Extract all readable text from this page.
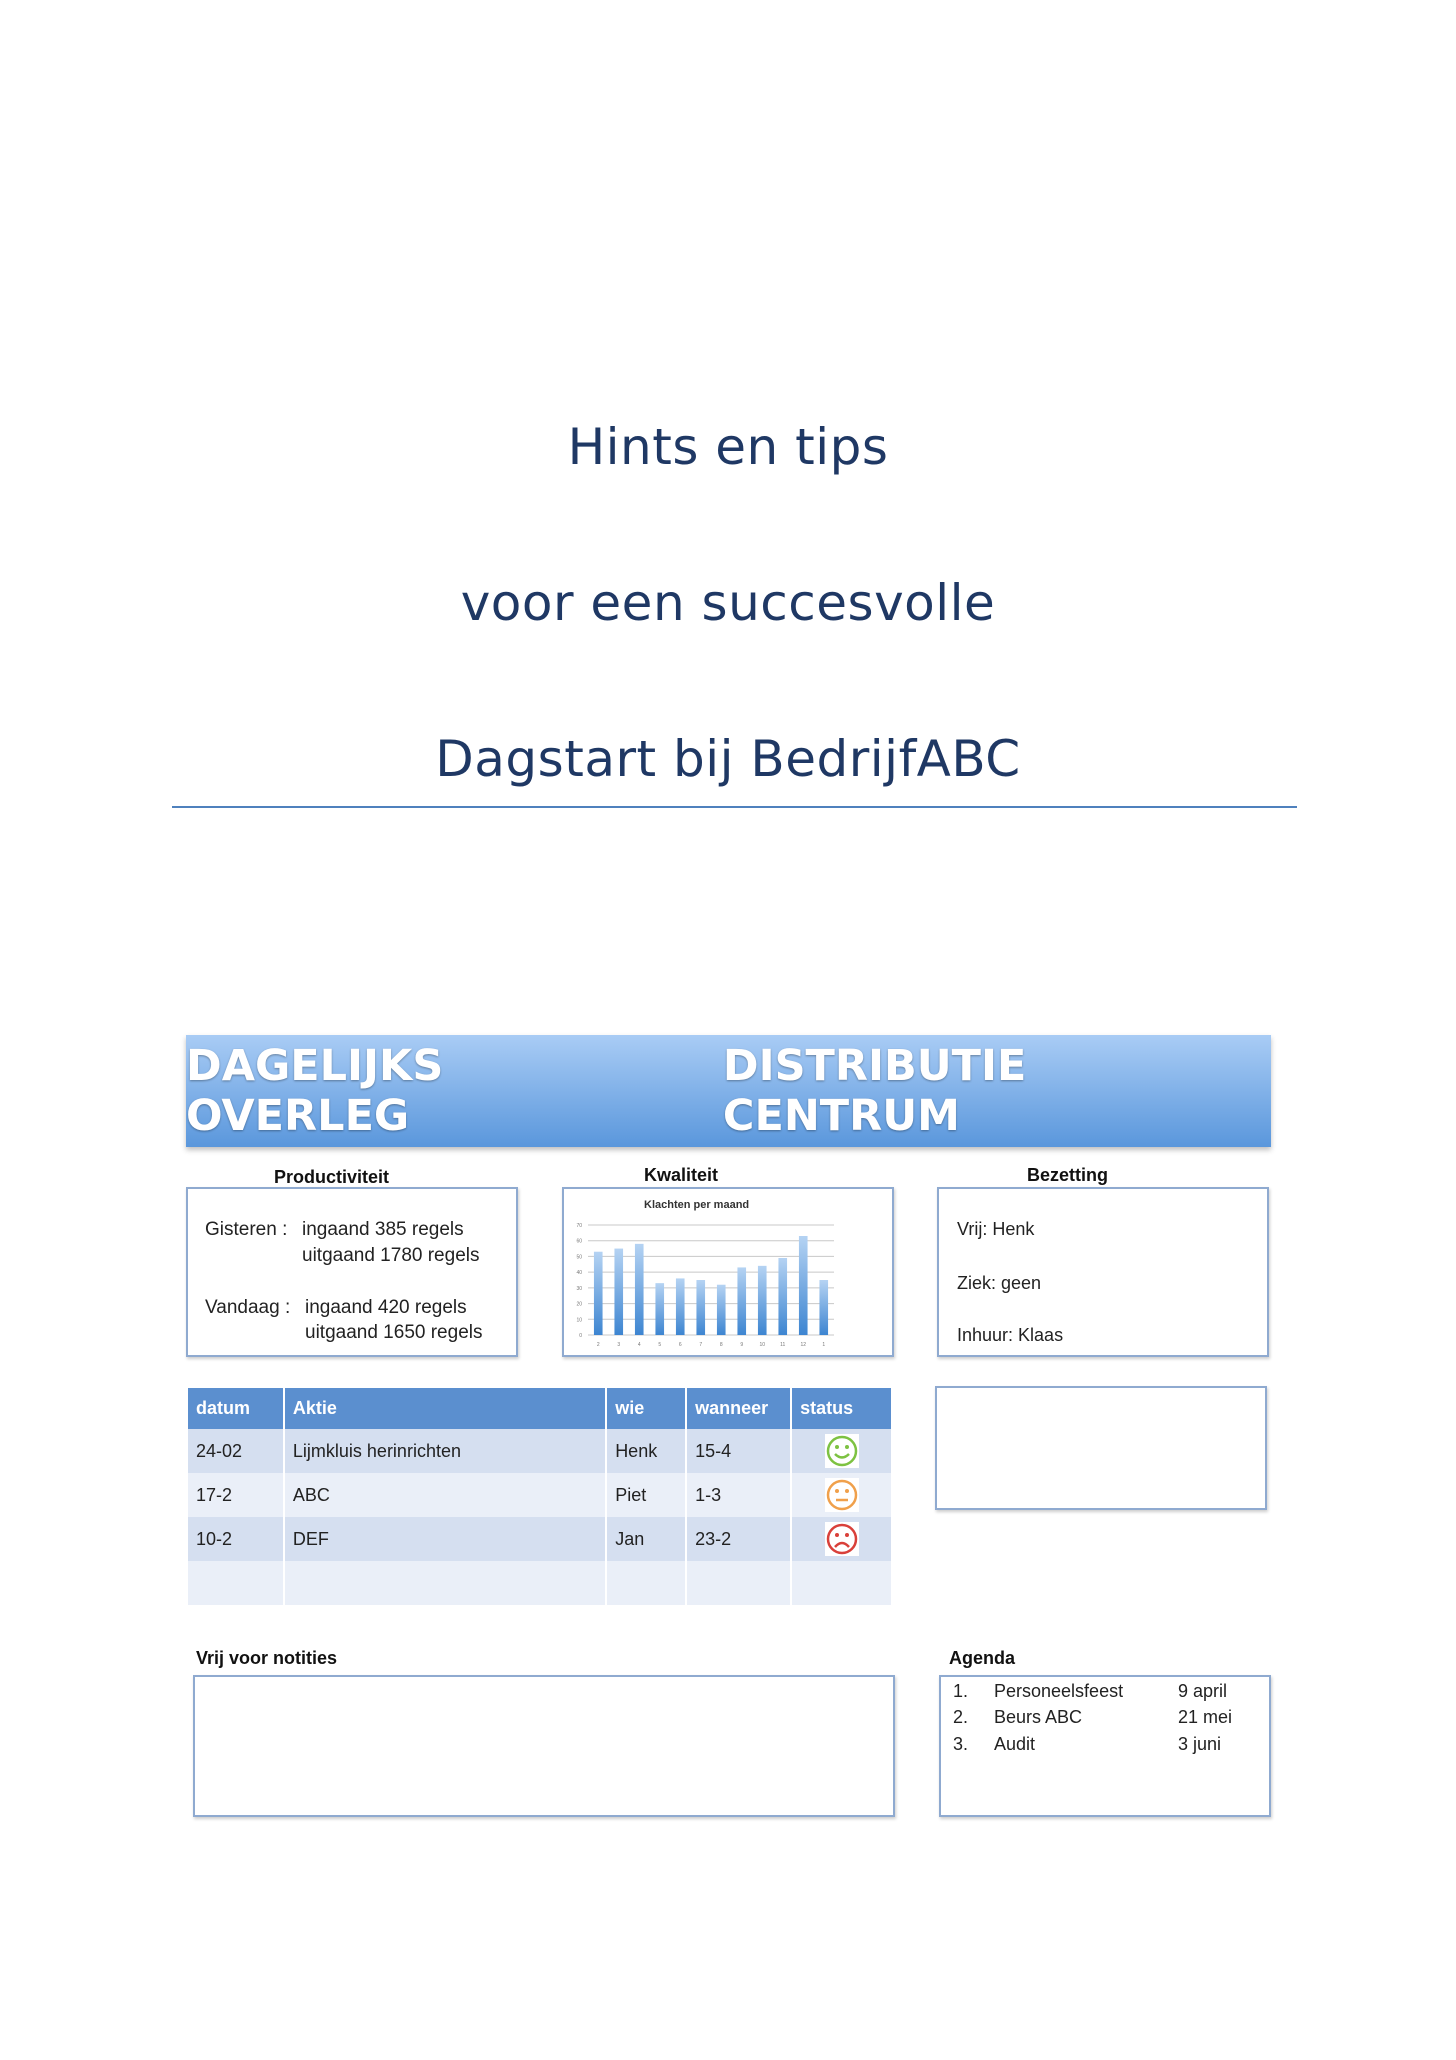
Hints en tips
voor een succesvolle
Dagstart bij BedrijfABC
DAGELIJKS OVERLEG
DISTRIBUTIE CENTRUM
Productiviteit
Gisteren : ingaand 385 regels
uitgaand 1780 regels
Vandaag : ingaand 420 regels
uitgaand 1650 regels
Kwaliteit
Klachten per maand
0
10
20
30
40
50
60
70
2	3	4	5	6	7	8	9	10	11	12	1
Bezetting
Vrij: Henk
Ziek: geen
Inhuur: Klaas
datum	Aktie	wie	wanneer	status
24-02	Lijmkluis herinrichten	Henk	15-4	
17-2	ABC	Piet	1-3	
10-2	DEF	Jan	23-2	

Vrij voor notities	Agenda
1. Personeelsfeest	9 april
2. Beurs ABC	21 mei
3. Audit	3 juni
